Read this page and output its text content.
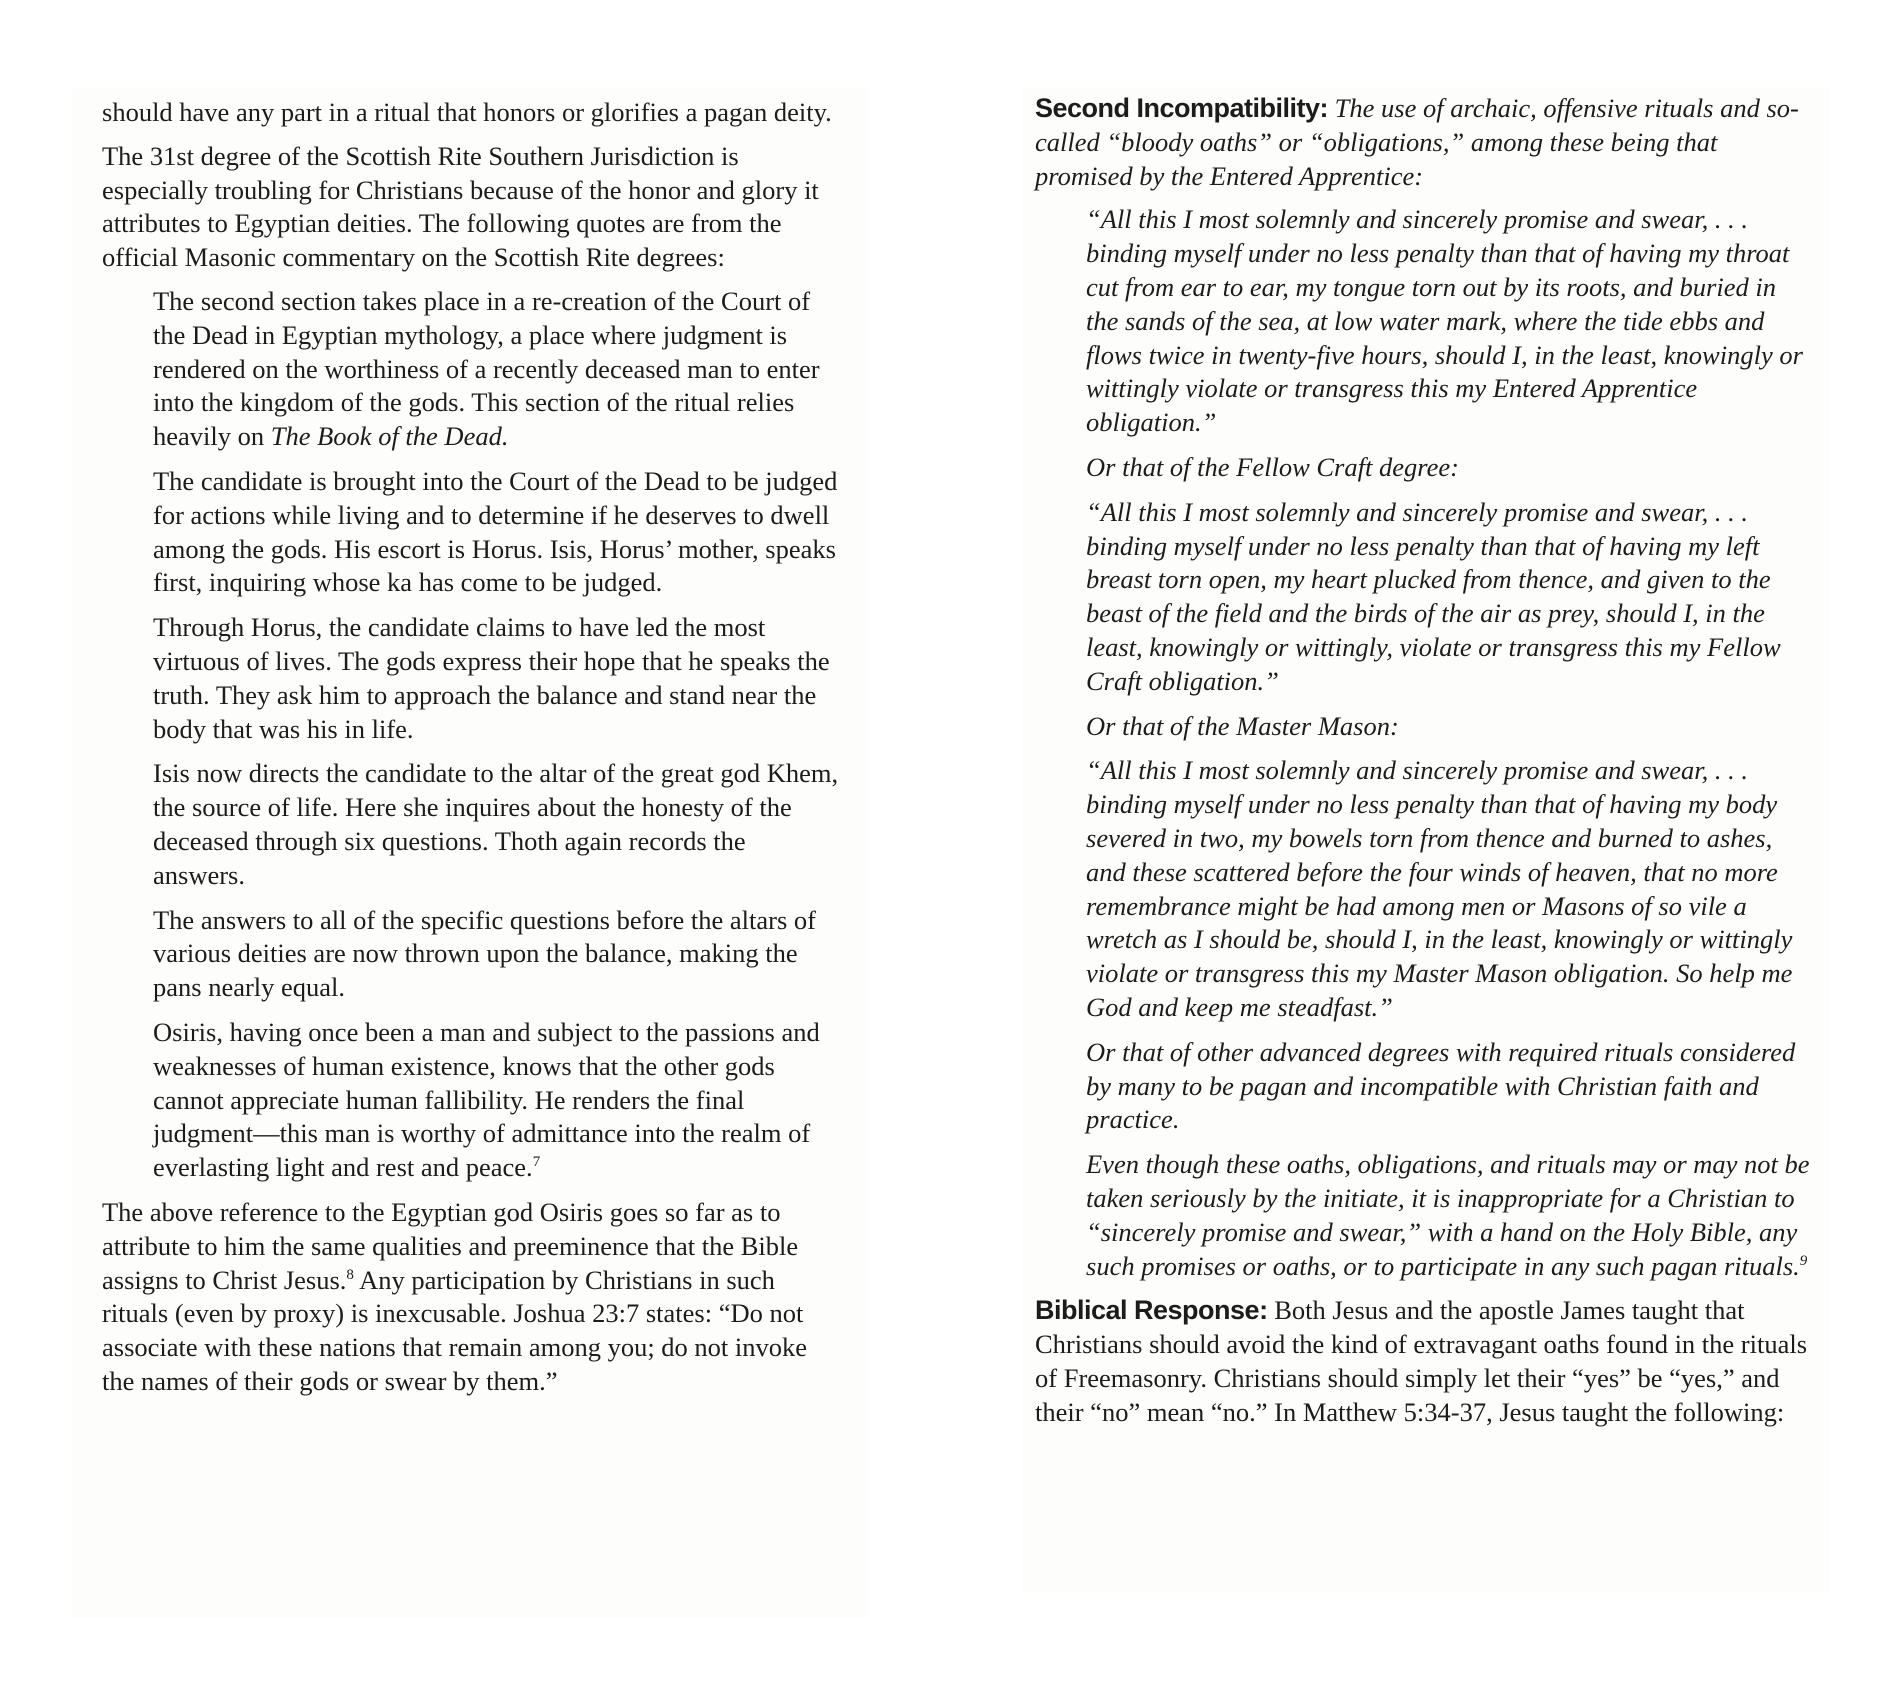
should have any part in a ritual that honors or glorifies a pagan deity.

The 31st degree of the Scottish Rite Southern Jurisdiction is especially troubling for Christians because of the honor and glory it attributes to Egyptian deities. The following quotes are from the official Masonic commentary on the Scottish Rite degrees:

The second section takes place in a re-creation of the Court of the Dead in Egyptian mythology, a place where judgment is rendered on the worthiness of a recently deceased man to enter into the kingdom of the gods. This section of the ritual relies heavily on The Book of the Dead.

The candidate is brought into the Court of the Dead to be judged for actions while living and to determine if he deserves to dwell among the gods. His escort is Horus. Isis, Horus’ mother, speaks first, inquiring whose ka has come to be judged.

Through Horus, the candidate claims to have led the most virtuous of lives. The gods express their hope that he speaks the truth. They ask him to approach the balance and stand near the body that was his in life.

Isis now directs the candidate to the altar of the great god Khem, the source of life. Here she inquires about the honesty of the deceased through six questions. Thoth again records the answers.

The answers to all of the specific questions before the altars of various deities are now thrown upon the balance, making the pans nearly equal.

Osiris, having once been a man and subject to the passions and weaknesses of human existence, knows that the other gods cannot appreciate human fallibility. He renders the final judgment—this man is worthy of admittance into the realm of everlasting light and rest and peace.$^7$

The above reference to the Egyptian god Osiris goes so far as to attribute to him the same qualities and preeminence that the Bible assigns to Christ Jesus.$^8$ Any participation by Christians in such rituals (even by proxy) is inexcusable. Joshua 23:7 states: “Do not associate with these nations that remain among you; do not invoke the names of their gods or swear by them.”

Second Incompatibility: The use of archaic, offensive rituals and so-called “bloody oaths” or “obligations,” among these being that promised by the Entered Apprentice:

“All this I most solemnly and sincerely promise and swear, . . . binding myself under no less penalty than that of having my throat cut from ear to ear, my tongue torn out by its roots, and buried in the sands of the sea, at low water mark, where the tide ebbs and flows twice in twenty-five hours, should I, in the least, knowingly or wittingly violate or transgress this my Entered Apprentice obligation.”

Or that of the Fellow Craft degree:

“All this I most solemnly and sincerely promise and swear, . . . binding myself under no less penalty than that of having my left breast torn open, my heart plucked from thence, and given to the beast of the field and the birds of the air as prey, should I, in the least, knowingly or wittingly, violate or transgress this my Fellow Craft obligation.”

Or that of the Master Mason:

“All this I most solemnly and sincerely promise and swear, . . . binding myself under no less penalty than that of having my body severed in two, my bowels torn from thence and burned to ashes, and these scattered before the four winds of heaven, that no more remembrance might be had among men or Masons of so vile a wretch as I should be, should I, in the least, knowingly or wittingly violate or transgress this my Master Mason obligation. So help me God and keep me steadfast.”

Or that of other advanced degrees with required rituals considered by many to be pagan and incompatible with Christian faith and practice.

Even though these oaths, obligations, and rituals may or may not be taken seriously by the initiate, it is inappropriate for a Christian to “sincerely promise and swear,” with a hand on the Holy Bible, any such promises or oaths, or to participate in any such pagan rituals.$^9$

Biblical Response: Both Jesus and the apostle James taught that Christians should avoid the kind of extravagant oaths found in the rituals of Freemasonry. Christians should simply let their “yes” be “yes,” and their “no” mean “no.” In Matthew 5:34-37, Jesus taught the following:
